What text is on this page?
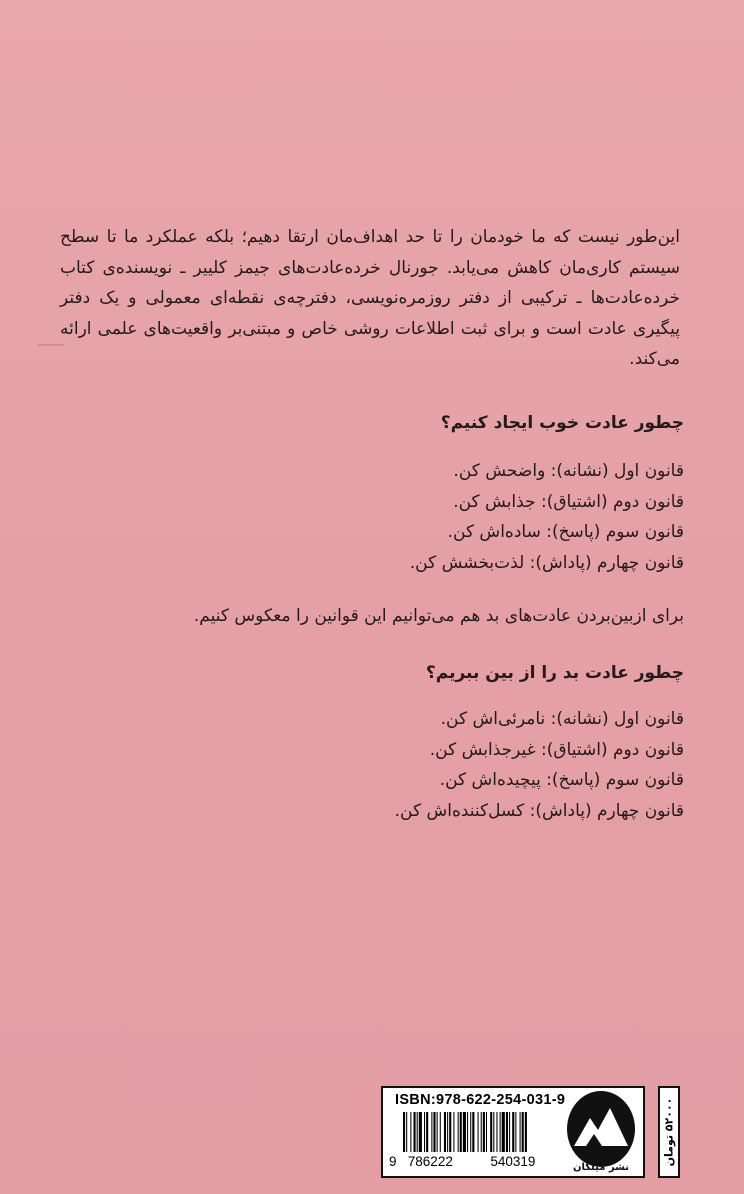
این‌طور نیست که ما خودمان را تا حد اهداف‌مان ارتقا دهیم؛ بلکه عملکرد ما تا سطح سیستم کاری‌مان کاهش می‌یابد. جورنال خرده‌عادت‌های جیمز کلییر ـ نویسنده‌ی کتاب خرده‌عادت‌ها ـ ترکیبی از دفتر روزمره‌نویسی، دفترچه‌ی نقطه‌ای معمولی و یک دفتر پیگیری عادت است و برای ثبت اطلاعات روشی خاص و مبتنی‌بر واقعیت‌های علمی ارائه می‌کند.
چطور عادت خوب ایجاد کنیم؟
قانون اول (نشانه): واضحش کن.
قانون دوم (اشتیاق): جذابش کن.
قانون سوم (پاسخ): ساده‌اش کن.
قانون چهارم (پاداش): لذت‌بخشش کن.
برای ازبین‌بردن عادت‌های بد هم می‌توانیم این قوانین را معکوس کنیم.
چطور عادت بد را از بین ببریم؟
قانون اول (نشانه): نامرئی‌اش کن.
قانون دوم (اشتیاق): غیرجذابش کن.
قانون سوم (پاسخ): پیچیده‌اش کن.
قانون چهارم (پاداش): کسل‌کننده‌اش کن.
ISBN:978-622-254-031-9
9 786222	540319	نشر میلکان
۵۲۰۰۰ تومان
